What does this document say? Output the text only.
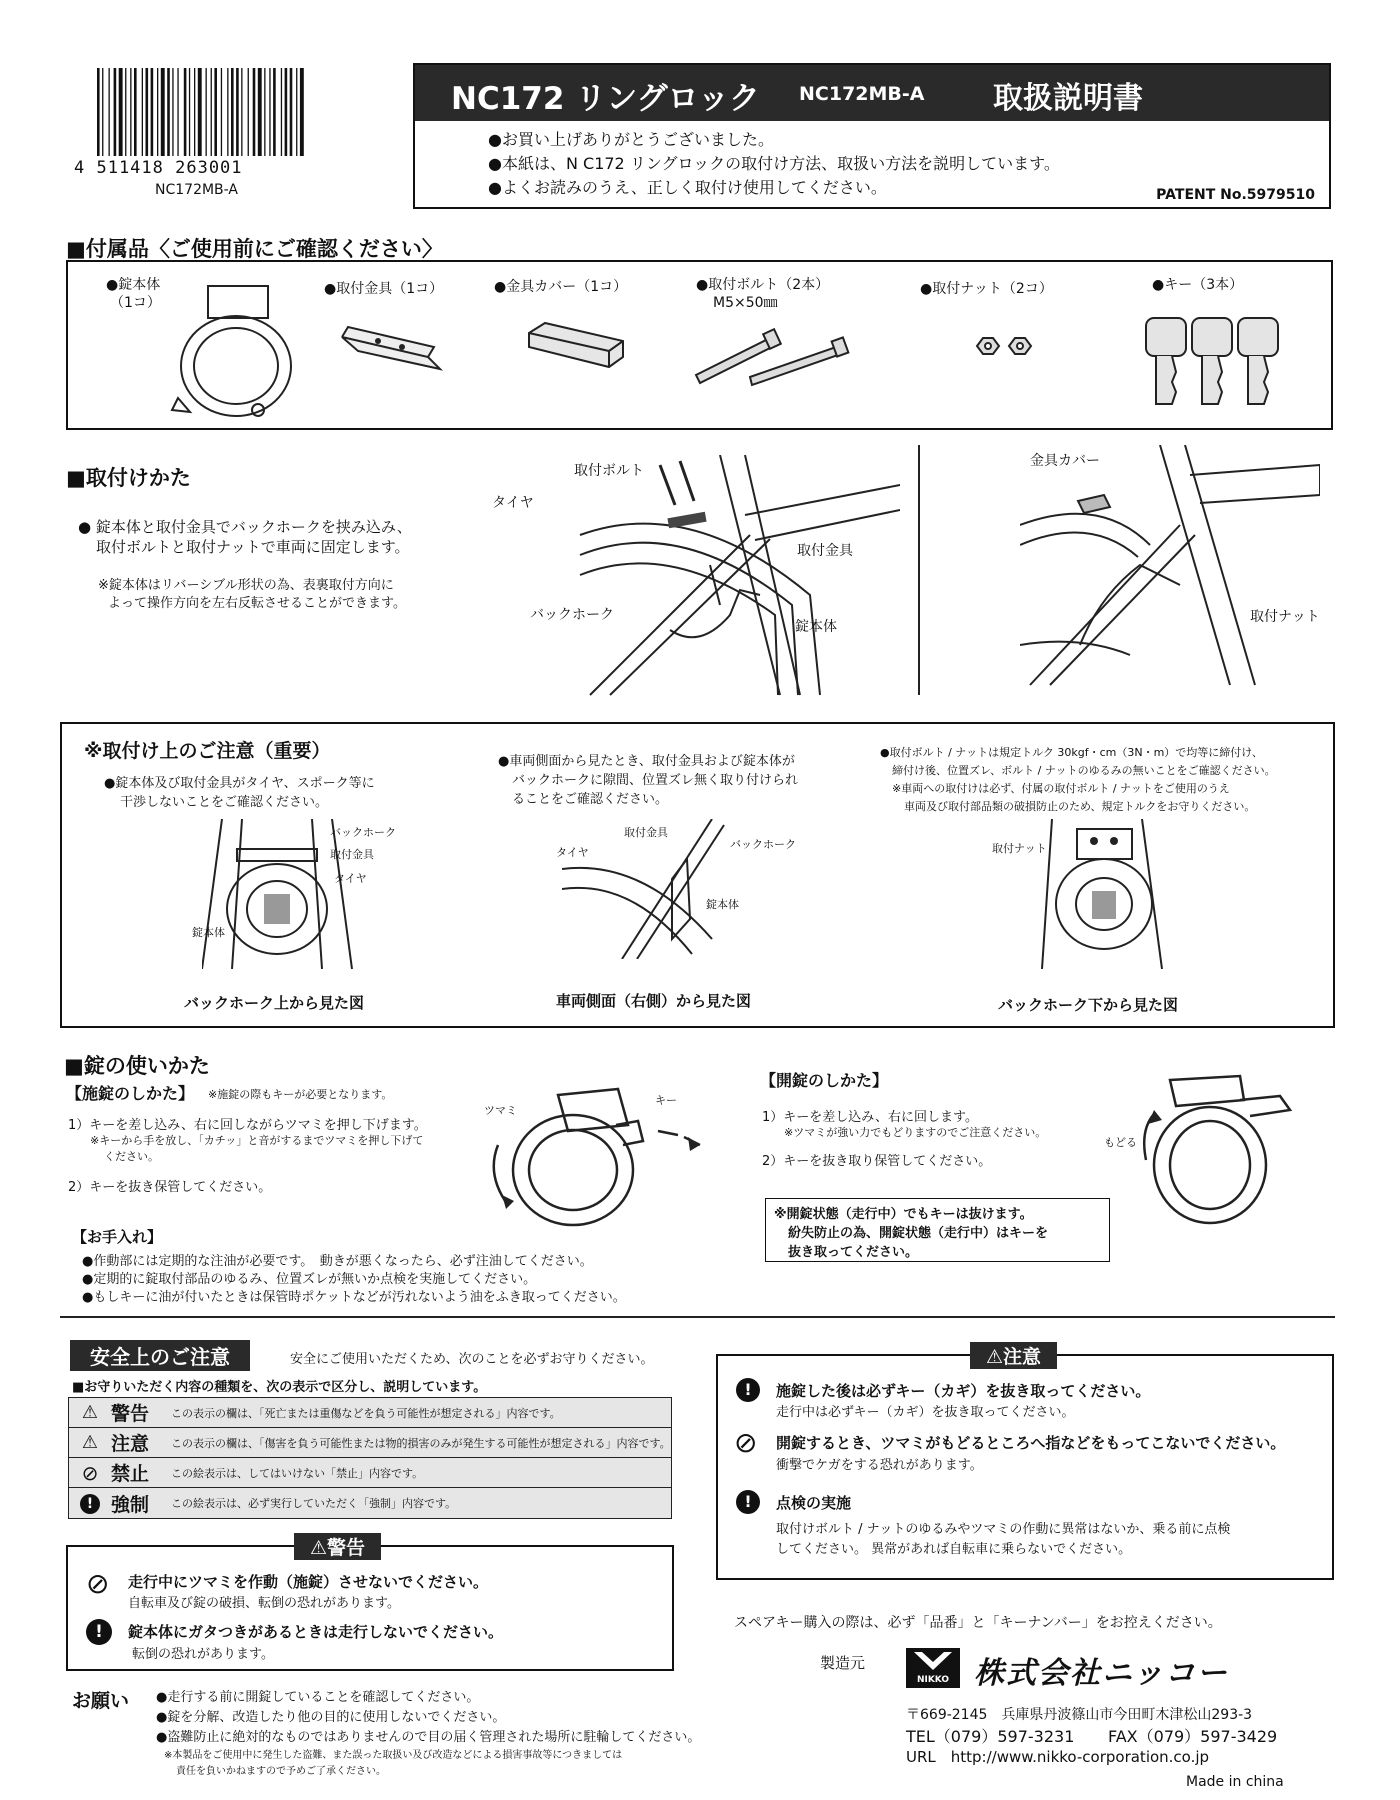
4 511418 263001
NC172MB-A
NC172 リングロック NC172MB-A 取扱説明書
●お買い上げありがとうございました。
●本紙は、N C172 リングロックの取付け方法、取扱い方法を説明しています。
●よくお読みのうえ、正しく取付け使用してください。	PATENT No.5979510
■付属品〈ご使用前にご確認ください〉
●錠本体
（1コ）
●取付金具（1コ）	●金具カバー（1コ）	●取付ボルト（2本）
M5×50㎜
●取付ナット（2コ）	●キー（3本）
■取付けかた
● 錠本体と取付金具でバックホークを挟み込み、
取付ボルトと取付ナットで車両に固定します。
※錠本体はリバーシブル形状の為、表裏取付方向に
よって操作方向を左右反転させることができます。
取付ボルト
タイヤ
取付金具
バックホーク
錠本体
金具カバー
取付ナット
※取付け上のご注意（重要）
●錠本体及び取付金具がタイヤ、スポーク等に
干渉しないことをご確認ください。
●車両側面から見たとき、取付金具および錠本体が
バックホークに隙間、位置ズレ無く取り付けられ
ることをご確認ください。
●取付ボルト / ナットは規定トルク 30kgf・cm（3N・m）で均等に締付け、
締付け後、位置ズレ、ボルト / ナットのゆるみの無いことをご確認ください。
※車両への取付けは必ず、付属の取付ボルト / ナットをご使用のうえ
車両及び取付部品類の破損防止のため、規定トルクをお守りください。
バックホーク
取付金具
タイヤ
錠本体
取付金具
バックホーク
タイヤ
錠本体
取付ナット
バックホーク上から見た図	車両側面（右側）から見た図	バックホーク下から見た図
■錠の使いかた
【施錠のしかた】 ※施錠の際もキーが必要となります。
1）キーを差し込み、右に回しながらツマミを押し下げます。
※キーから手を放し、「カチッ」と音がするまでツマミを押し下げて
ください。
2）キーを抜き保管してください。
ツマミ
キー
【開錠のしかた】
1）キーを差し込み、右に回します。
※ツマミが強い力でもどりますのでご注意ください。
2）キーを抜き取り保管してください。
※開錠状態（走行中）でもキーは抜けます。
紛失防止の為、開錠状態（走行中）はキーを
抜き取ってください。
もどる
【お手入れ】
●作動部には定期的な注油が必要です。　動きが悪くなったら、必ず注油してください。
●定期的に錠取付部品のゆるみ、位置ズレが無いか点検を実施してください。
●もしキーに油が付いたときは保管時ポケットなどが汚れないよう油をふき取ってください。
安全上のご注意	安全にご使用いただくため、次のことを必ずお守りください。
■お守りいただく内容の種類を、次の表示で区分し、説明しています。
⚠ 警告	この表示の欄は、「死亡または重傷などを負う可能性が想定される」内容です。
⚠ 注意	この表示の欄は、「傷害を負う可能性または物的損害のみが発生する可能性が想定される」内容です。
⊘ 禁止	この絵表示は、してはいけない「禁止」内容です。
! 強制	この絵表示は、必ず実行していただく「強制」内容です。
⚠警告
⊘ 走行中にツマミを作動（施錠）させないでください。
自転車及び錠の破損、転倒の恐れがあります。
!	錠本体にガタつきがあるときは走行しないでください。
転倒の恐れがあります。
お願い ●走行する前に開錠していることを確認してください。
●錠を分解、改造したり他の目的に使用しないでください。
●盗難防止に絶対的なものではありませんので目の届く管理された場所に駐輪してください。
※本製品をご使用中に発生した盗難、また誤った取扱い及び改造などによる損害事故等につきましては
責任を負いかねますので予めご了承ください。
⚠注意
!	施錠した後は必ずキー（カギ）を抜き取ってください。
走行中は必ずキー（カギ）を抜き取ってください。
⊘ 開錠するとき、ツマミがもどるところへ指などをもってこないでください。
衝撃でケガをする恐れがあります。
!	点検の実施
取付けボルト / ナットのゆるみやツマミの作動に異常はないか、乗る前に点検
してください。 異常があれば自転車に乗らないでください。
スペアキー購入の際は、必ず「品番」と「キーナンバー」をお控えください。
製造元
NIKKO 株式会社ニッコー
〒669-2145　兵庫県丹波篠山市今田町木津松山293-3
TEL（079）597-3231 FAX（079）597-3429
URL　http://www.nikko-corporation.co.jp
Made in china
